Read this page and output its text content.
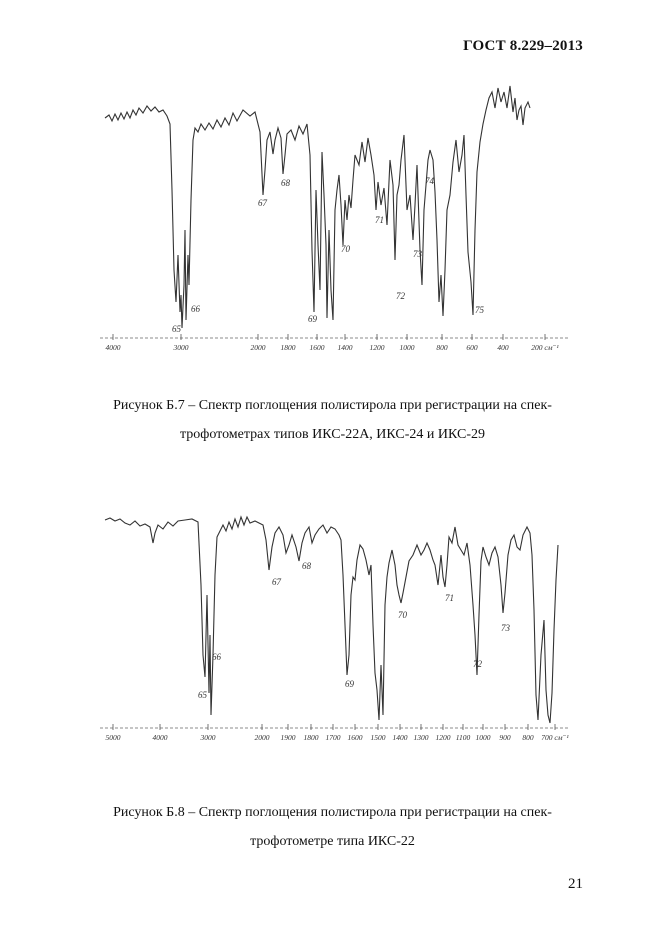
ГОСТ 8.229–2013
4000	3000	2000 1800 1600 1400 1200 1000	800	600	400	200 см⁻¹
65
66
67
68
69
70
71
72
73
74
75
Рисунок Б.7 – Спектр поглощения полистирола при регистрации на спек-
трофотометрах типов ИКС-22А, ИКС-24 и ИКС-29
5000	4000	3000	2000 1900 1800 1700 1600 1500 1400 1300 1200 1100 1000 900 800 700 см⁻¹
65
66
67
68
69
70
71
72
73
Рисунок Б.8 – Спектр поглощения полистирола при регистрации на спек-
трофотометре типа ИКС-22
21
